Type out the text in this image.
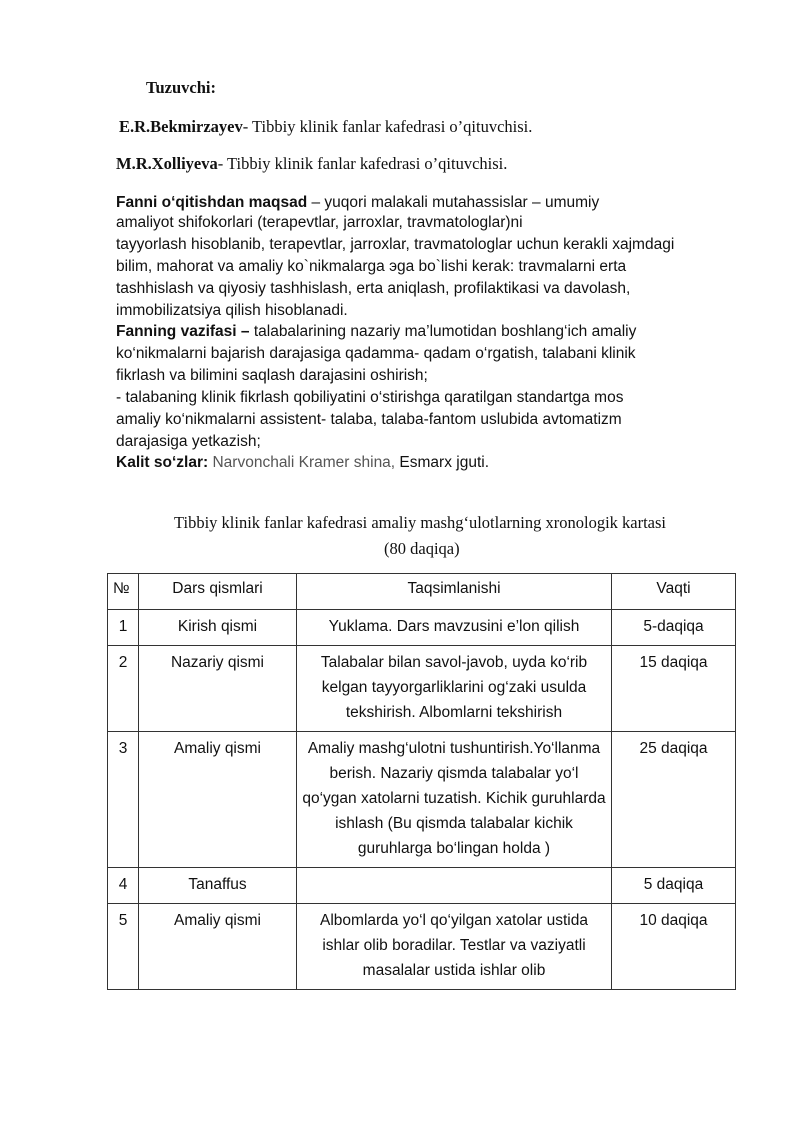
Tuzuvchi:
E.R.Bekmirzayev- Tibbiy klinik fanlar kafedrasi o’qituvchisi.
M.R.Xolliyeva- Tibbiy klinik fanlar kafedrasi o’qituvchisi.
Fanni o‘qitishdan maqsad – yuqori malakali mutahassislar – umumiy
amaliyot shifokorlari (terapevtlar, jarroxlar, travmatologlar)ni
tayyorlash hisoblanib, terapevtlar, jarroxlar, travmatologlar uchun kerakli xajmdagi
bilim, mahorat va amaliy ko`nikmalarga эga bo`lishi kerak: travmalarni erta
tashhislash va qiyosiy tashhislash, erta aniqlash, profilaktikasi va davolash,
immobilizatsiya qilish hisoblanadi.
Fanning vazifasi – talabalarining nazariy ma’lumotidan boshlang‘ich amaliy
ko‘nikmalarni bajarish darajasiga qadamma- qadam o‘rgatish, talabani klinik
fikrlash va bilimini saqlash darajasini oshirish;
- talabaning klinik fikrlash qobiliyatini o‘stirishga qaratilgan standartga mos
amaliy ko‘nikmalarni assistent- talaba, talaba-fantom uslubida avtomatizm
darajasiga yetkazish;
Kalit so‘zlar: Narvonchali Kramer shina, Esmarx jguti.
Tibbiy klinik fanlar kafedrasi amaliy mashg‘ulotlarning xronologik kartasi
(80 daqiqa)
№	Dars qismlari	Taqsimlanishi	Vaqti
1	Kirish qismi	Yuklama. Dars mavzusini e’lon qilish	5-daqiqa
2	Nazariy qismi	Talabalar bilan savol-javob, uyda ko‘rib kelgan tayyorgarliklarini og‘zaki usulda tekshirish. Albomlarni tekshirish	15 daqiqa
3	Amaliy qismi	Amaliy mashg‘ulotni tushuntirish.Yo‘llanma berish. Nazariy qismda talabalar yo‘l qo‘ygan xatolarni tuzatish. Kichik guruhlarda ishlash (Bu qismda talabalar kichik guruhlarga bo‘lingan holda )	25 daqiqa
4	Tanaffus		5 daqiqa
5	Amaliy qismi	Albomlarda yo‘l qo‘yilgan xatolar ustida ishlar olib boradilar. Testlar va vaziyatli masalalar ustida ishlar olib	10 daqiqa
